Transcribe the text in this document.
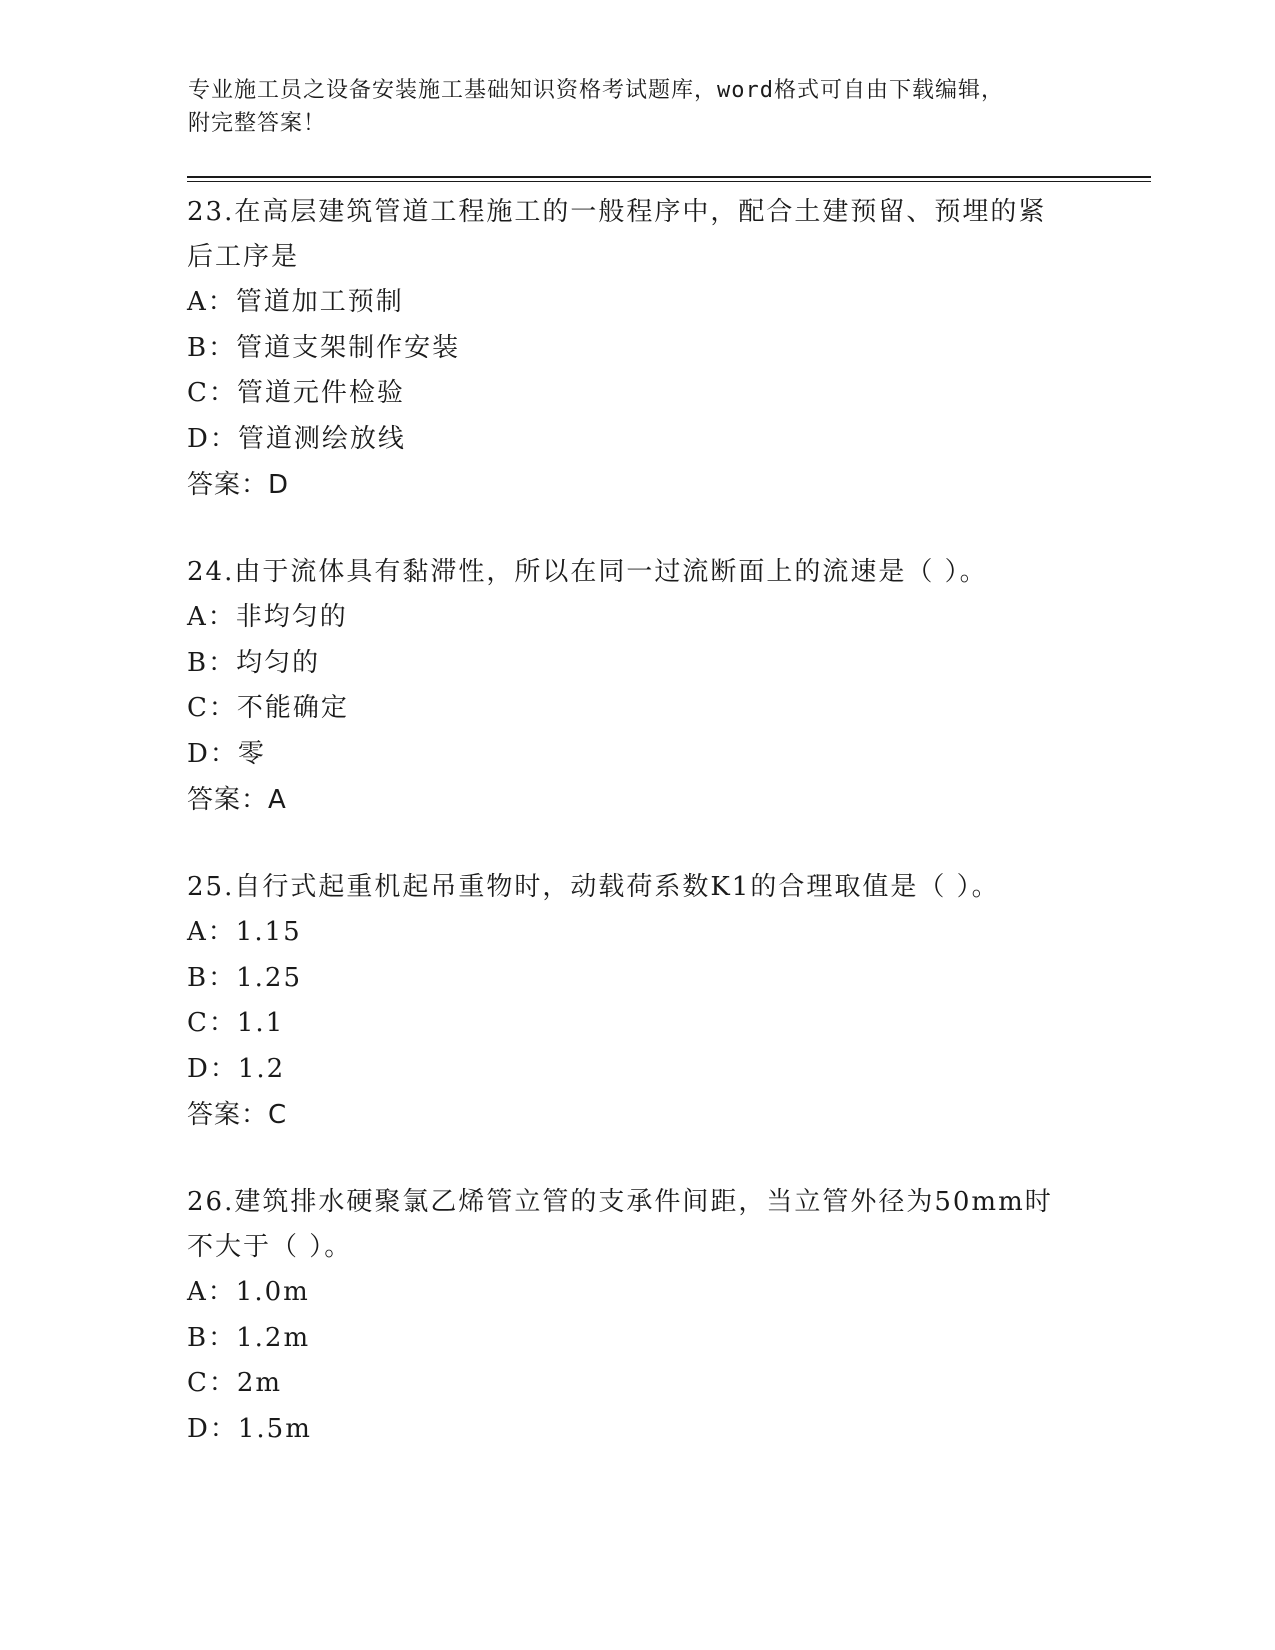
专业施工员之设备安装施工基础知识资格考试题库，word格式可自由下载编辑，
附完整答案！
23.在高层建筑管道工程施工的一般程序中，配合土建预留、预埋的紧
后工序是
A：管道加工预制
B：管道支架制作安装
C：管道元件检验
D：管道测绘放线
答案：D
24.由于流体具有黏滞性，所以在同一过流断面上的流速是（ ）。
A：非均匀的
B：均匀的
C：不能确定
D：零
答案：A
25.自行式起重机起吊重物时，动载荷系数K1的合理取值是（ ）。
A：1.15
B：1.25
C：1.1
D：1.2
答案：C
26.建筑排水硬聚氯乙烯管立管的支承件间距，当立管外径为50mm时
不大于（ ）。
A：1.0m
B：1.2m
C：2m
D：1.5m
